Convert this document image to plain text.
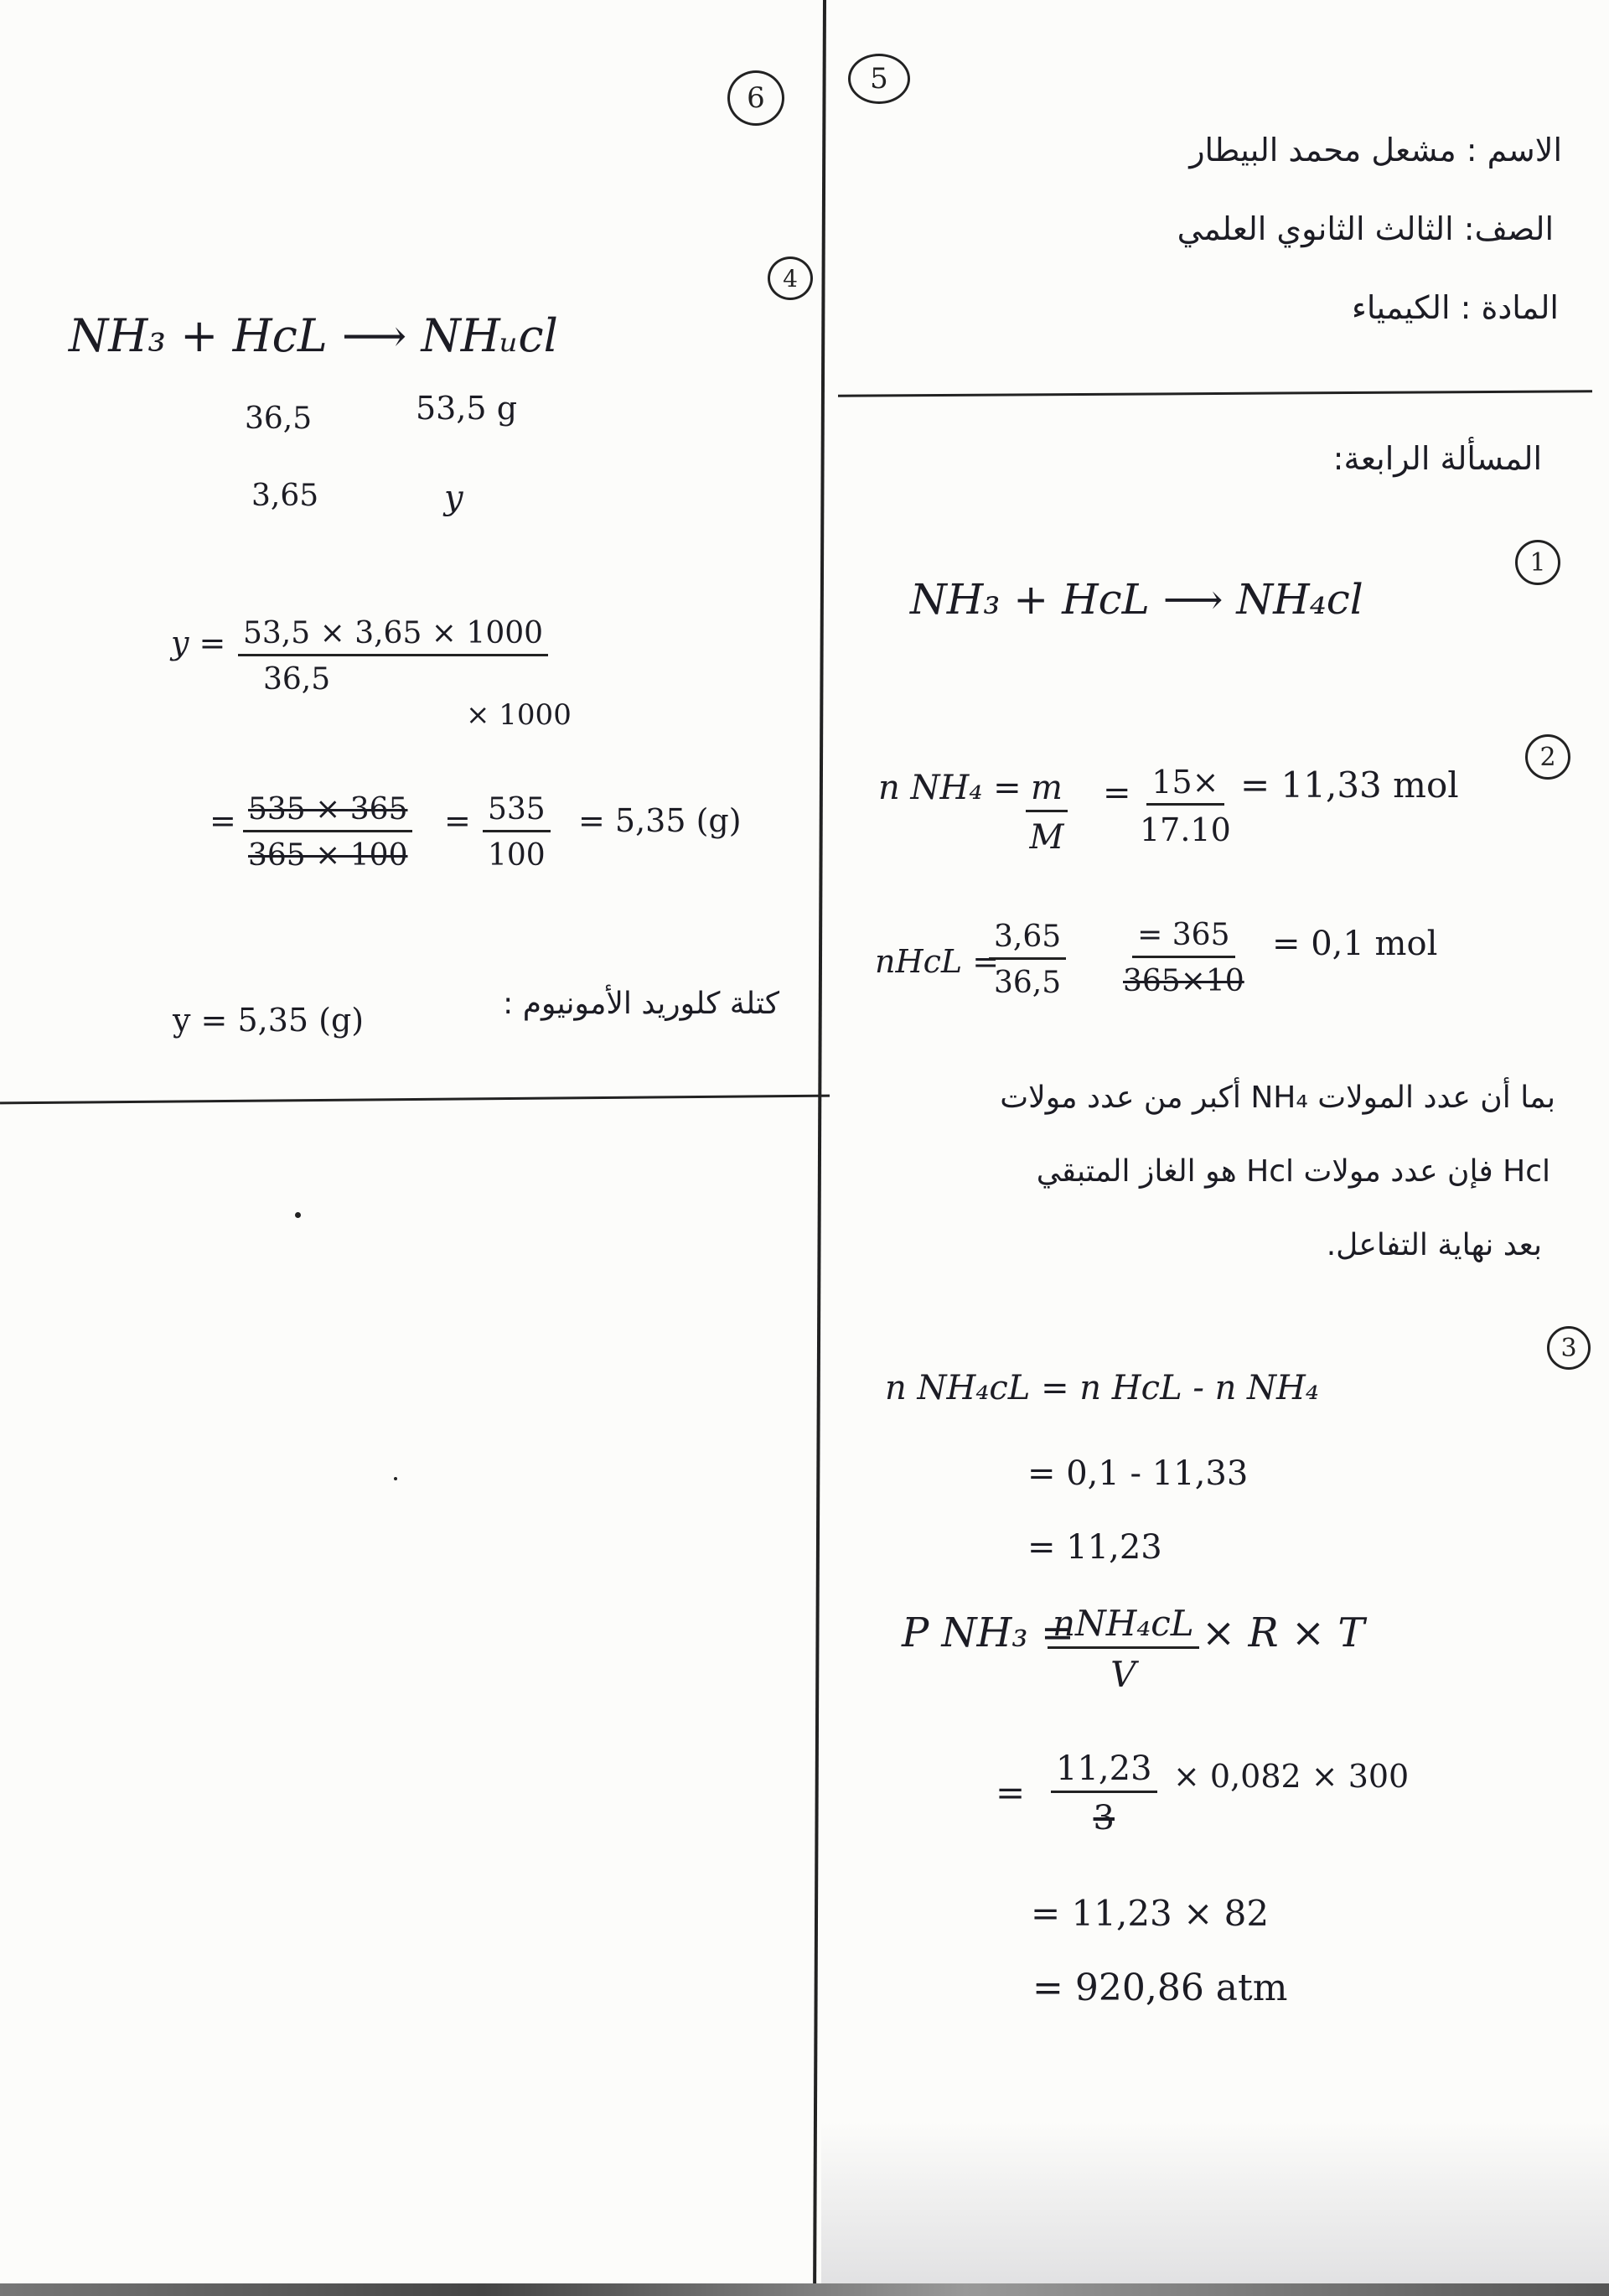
6
5
الاسم : مشعل محمد البيطار
الصف: الثالث الثانوي العلمي
المادة : الكيمياء
المسألة الرابعة:
1
NH₃ + HcL ⟶ NH₄cl
2
n $NH_4 = \frac{m}{M} = \frac{15\times}{17.10} = 11,33$ mol
nHcL =
$\frac{3,65}{36,5} \frac{= 365}{365\times 10} = 0,1$ mol
بما أن عدد المولات NH₄ أكبر من عدد مولات
Hcl فإن عدد مولات Hcl هو الغاز المتبقي
بعد نهاية التفاعل.
3
n NH₄cL = n HcL - n NH₄
= 0,1 - 11,33
= 11,23
P NH₃ =
nNH₄cL
V
× R × T
= $\frac{11,23}{3} \times 0,082 \times 300$
= 11,23 × 82
= 920,86 atm
4
NH₃ + HcL ⟶ NHᵤcl
36,5	53,5 g
3,65	y
$y = \frac{53,5 \times 3,65 \times 1000}{36,5}$
× 1000
= $\frac{535 \times 365}{365 \times 100} = \frac{535}{100} = 5,35$ (g)
y = 5,35 (g)	كتلة كلوريد الأمونيوم :
